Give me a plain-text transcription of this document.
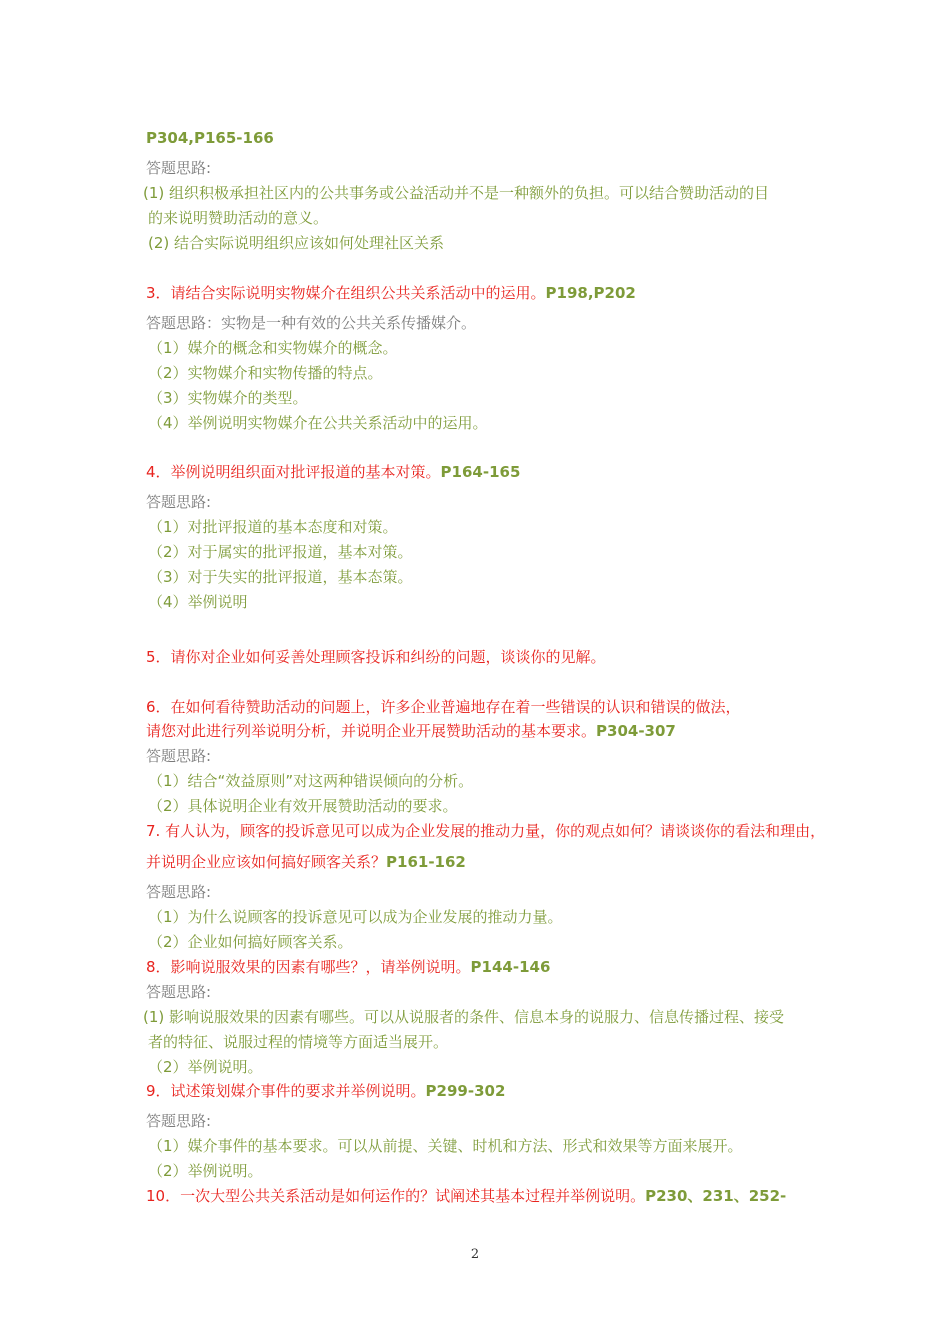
P304,P165-166
答题思路:
(1) 组织积极承担社区内的公共事务或公益活动并不是一种额外的负担。可以结合赞助活动的目
的来说明赞助活动的意义。
(2) 结合实际说明组织应该如何处理社区关系
3．请结合实际说明实物媒介在组织公共关系活动中的运用。P198,P202
答题思路：实物是一种有效的公共关系传播媒介。
（1）媒介的概念和实物媒介的概念。
（2）实物媒介和实物传播的特点。
（3）实物媒介的类型。
（4）举例说明实物媒介在公共关系活动中的运用。
4．举例说明组织面对批评报道的基本对策。P164-165
答题思路:
（1）对批评报道的基本态度和对策。
（2）对于属实的批评报道，基本对策。
（3）对于失实的批评报道，基本态策。
（4）举例说明
5．请你对企业如何妥善处理顾客投诉和纠纷的问题，谈谈你的见解。
6．在如何看待赞助活动的问题上，许多企业普遍地存在着一些错误的认识和错误的做法，
请您对此进行列举说明分析，并说明企业开展赞助活动的基本要求。P304-307
答题思路:
（1）结合“效益原则”对这两种错误倾向的分析。
（2）具体说明企业有效开展赞助活动的要求。
7. 有人认为，顾客的投诉意见可以成为企业发展的推动力量，你的观点如何？请谈谈你的看法和理由，
并说明企业应该如何搞好顾客关系？P161-162
答题思路:
（1）为什么说顾客的投诉意见可以成为企业发展的推动力量。
（2）企业如何搞好顾客关系。
8．影响说服效果的因素有哪些？，请举例说明。P144-146
答题思路:
(1) 影响说服效果的因素有哪些。可以从说服者的条件、信息本身的说服力、信息传播过程、接受
者的特征、说服过程的情境等方面适当展开。
（2）举例说明。
9．试述策划媒介事件的要求并举例说明。P299-302
答题思路:
（1）媒介事件的基本要求。可以从前提、关键、时机和方法、形式和效果等方面来展开。
（2）举例说明。
10．一次大型公共关系活动是如何运作的？试阐述其基本过程并举例说明。P230、231、252-
2
